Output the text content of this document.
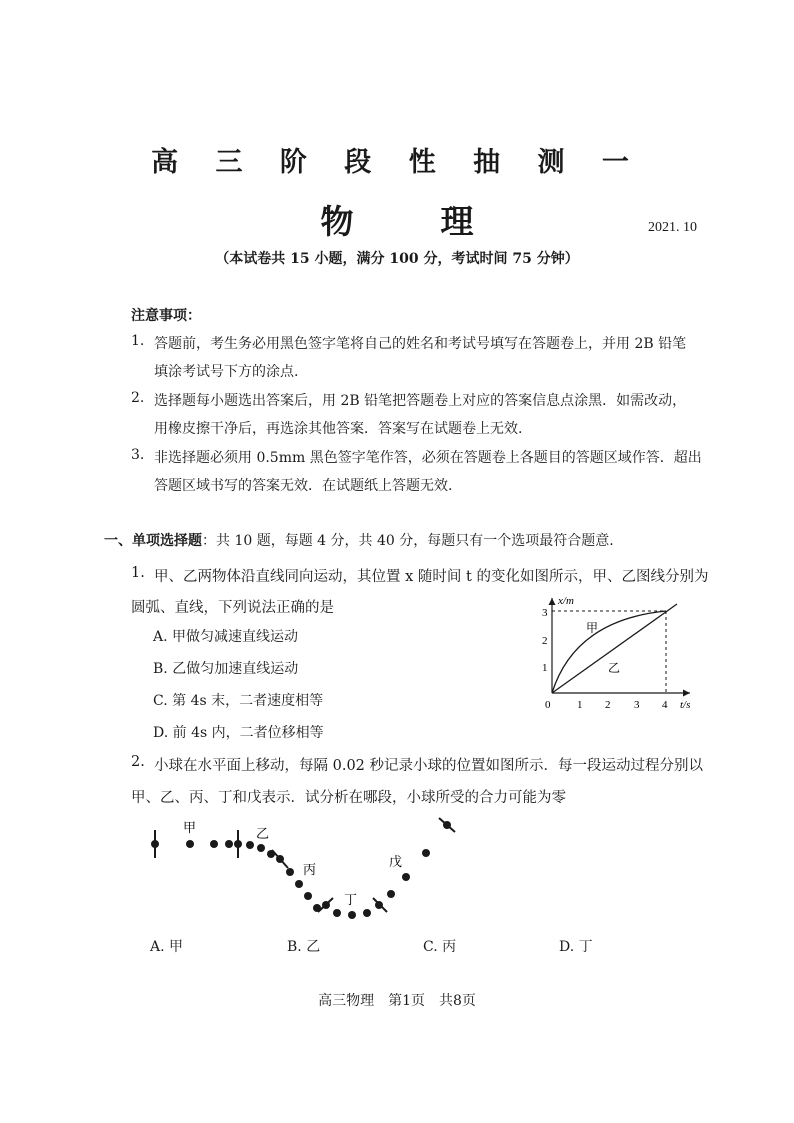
高 三 阶 段 性 抽 测 一
物	理	2021. 10
（本试卷共 15 小题，满分 100 分，考试时间 75 分钟）
注意事项：
1. 答题前，考生务必用黑色签字笔将自己的姓名和考试号填写在答题卷上，并用 2B 铅笔
填涂考试号下方的涂点.
2. 选择题每小题选出答案后，用 2B 铅笔把答题卷上对应的答案信息点涂黑．如需改动，
用橡皮擦干净后，再选涂其他答案．答案写在试题卷上无效.
3. 非选择题必须用 0.5mm 黑色签字笔作答，必须在答题卷上各题目的答题区域作答．超出
答题区域书写的答案无效．在试题纸上答题无效.
一、单项选择题：共 10 题，每题 4 分，共 40 分，每题只有一个选项最符合题意.
1. 甲、乙两物体沿直线同向运动，其位置 x 随时间 t 的变化如图所示，甲、乙图线分别为
圆弧、直线，下列说法正确的是
A. 甲做匀减速直线运动
B. 乙做匀加速直线运动
C. 第 4s 末，二者速度相等
D. 前 4s 内，二者位移相等
x/m
t/s
0 1 2 3 4
1
2
3
甲
乙
2. 小球在水平面上移动，每隔 0.02 秒记录小球的位置如图所示．每一段运动过程分别以
甲、乙、丙、丁和戊表示．试分析在哪段，小球所受的合力可能为零
甲	乙
丙
丁
戊
A. 甲	B. 乙	C. 丙	D. 丁
高三物理　第1页　共8页
